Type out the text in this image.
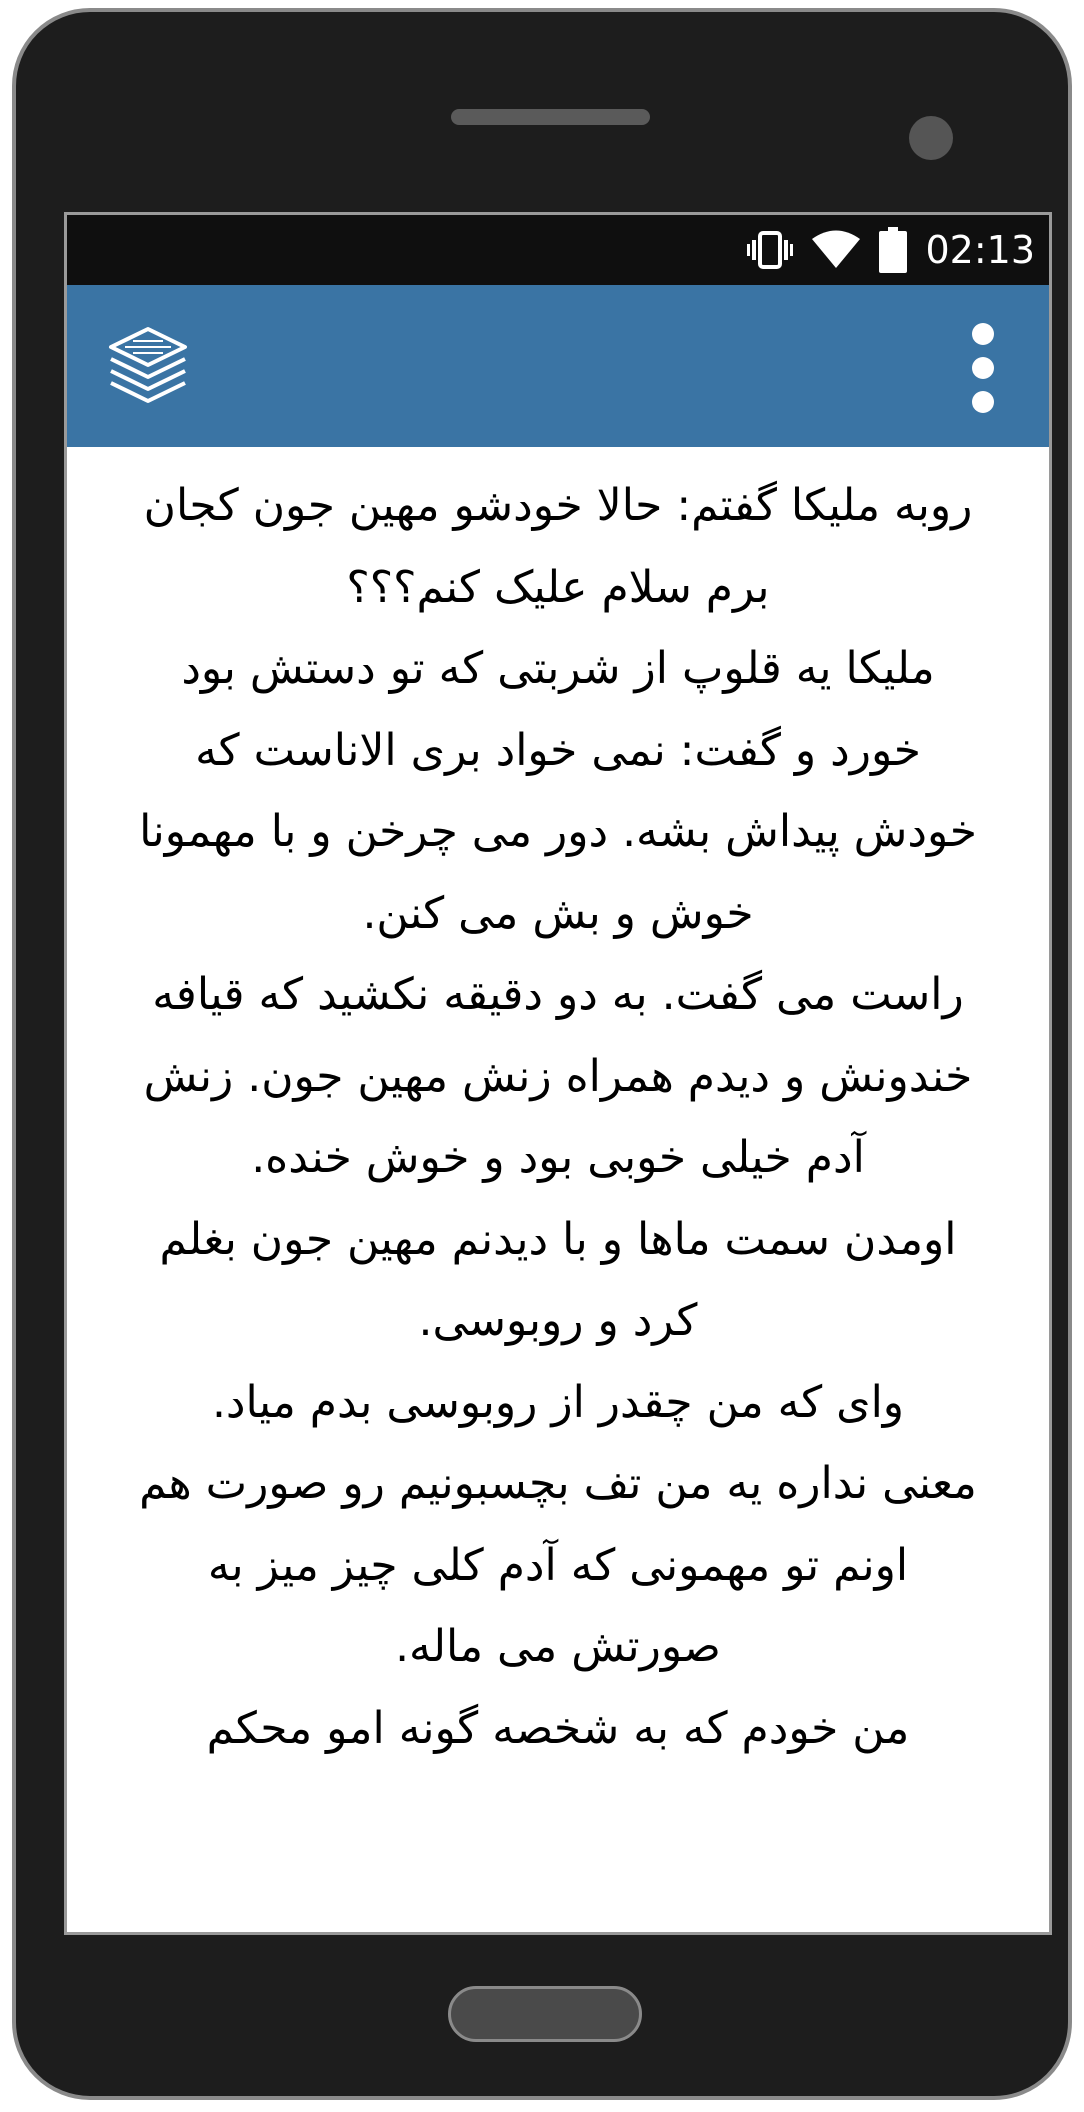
02:13

روبه ملیکا گفتم: حالا خودشو مهین جون کجان برم سلام علیک کنم؟؟؟

ملیکا یه قلوپ از شربتی که تو دستش بود خورد و گفت: نمی خواد بری الاناست که خودش پیداش بشه. دور می چرخن و با مهمونا خوش و بش می کنن.

راست می گفت. به دو دقیقه نکشید که قیافه خندونش و دیدم همراه زنش مهین جون. زنش آدم خیلی خوبی بود و خوش خنده.

اومدن سمت ماها و با دیدنم مهین جون بغلم کرد و روبوسی.

وای که من چقدر از روبوسی بدم میاد.

معنی نداره یه من تف بچسبونیم رو صورت هم اونم تو مهمونی که آدم کلی چیز میز به صورتش می ماله.

من خودم که به شخصه گونه امو محکم
